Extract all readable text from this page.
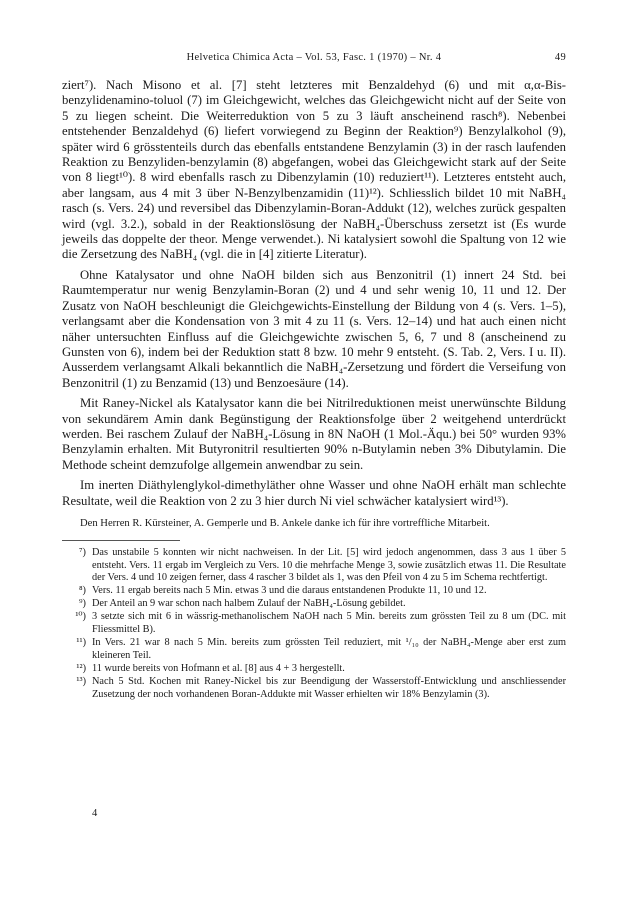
Helvetica Chimica Acta – Vol. 53, Fasc. 1 (1970) – Nr. 4	49

ziert⁷). Nach Misono et al. [7] steht letzteres mit Benzaldehyd (6) und mit α,α-Bis-benzylidenamino-toluol (7) im Gleichgewicht, welches das Gleichgewicht nicht auf der Seite von 5 zu liegen scheint. Die Weiterreduktion von 5 zu 3 läuft anscheinend rasch⁸). Nebenbei entstehender Benzaldehyd (6) liefert vorwiegend zu Beginn der Reaktion⁹) Benzylalkohol (9), später wird 6 grösstenteils durch das ebenfalls entstandene Benzylamin (3) in der rasch laufenden Reaktion zu Benzyliden-benzylamin (8) abgefangen, wobei das Gleichgewicht stark auf der Seite von 8 liegt¹⁰). 8 wird ebenfalls rasch zu Dibenzylamin (10) reduziert¹¹). Letzteres entsteht auch, aber langsam, aus 4 mit 3 über N-Benzylbenzamidin (11)¹²). Schliesslich bildet 10 mit NaBH₄ rasch (s. Vers. 24) und reversibel das Dibenzylamin-Boran-Addukt (12), welches zurück gespalten wird (vgl. 3.2.), sobald in der Reaktionslösung der NaBH₄-Überschuss zersetzt ist (Es wurde jeweils das doppelte der theor. Menge verwendet.). Ni katalysiert sowohl die Spaltung von 12 wie die Zersetzung des NaBH₄ (vgl. die in [4] zitierte Literatur).

Ohne Katalysator und ohne NaOH bilden sich aus Benzonitril (1) innert 24 Std. bei Raumtemperatur nur wenig Benzylamin-Boran (2) und 4 und sehr wenig 10, 11 und 12. Der Zusatz von NaOH beschleunigt die Gleichgewichts-Einstellung der Bildung von 4 (s. Vers. 1–5), verlangsamt aber die Kondensation von 3 mit 4 zu 11 (s. Vers. 12–14) und hat auch einen nicht näher untersuchten Einfluss auf die Gleichgewichte zwischen 5, 6, 7 und 8 (anscheinend zu Gunsten von 6), indem bei der Reduktion statt 8 bzw. 10 mehr 9 entsteht. (S. Tab. 2, Vers. I u. II). Ausserdem verlangsamt Alkali bekanntlich die NaBH₄-Zersetzung und fördert die Verseifung von Benzonitril (1) zu Benzamid (13) und Benzoesäure (14).

Mit Raney-Nickel als Katalysator kann die bei Nitrilreduktionen meist unerwünschte Bildung von sekundärem Amin dank Begünstigung der Reaktionsfolge über 2 weitgehend unterdrückt werden. Bei raschem Zulauf der NaBH₄-Lösung in 8N NaOH (1 Mol.-Äqu.) bei 50° wurden 93% Benzylamin erhalten. Mit Butyronitril resultierten 90% n-Butylamin neben 3% Dibutylamin. Die Methode scheint demzufolge allgemein anwendbar zu sein.

Im inerten Diäthylenglykol-dimethyläther ohne Wasser und ohne NaOH erhält man schlechte Resultate, weil die Reaktion von 2 zu 3 hier durch Ni viel schwächer katalysiert wird¹³).

Den Herren R. Kürsteiner, A. Gemperle und B. Ankele danke ich für ihre vortreffliche Mitarbeit.
⁷) Das unstabile 5 konnten wir nicht nachweisen. In der Lit. [5] wird jedoch angenommen, dass 3 aus 1 über 5 entsteht. Vers. 11 ergab im Vergleich zu Vers. 10 die mehrfache Menge 3, sowie zusätzlich etwas 11. Die Resultate der Vers. 4 und 10 zeigen ferner, dass 4 rascher 3 bildet als 1, was den Pfeil von 4 zu 5 im Schema rechtfertigt.
⁸) Vers. 11 ergab bereits nach 5 Min. etwas 3 und die daraus entstandenen Produkte 11, 10 und 12.
⁹) Der Anteil an 9 war schon nach halbem Zulauf der NaBH₄-Lösung gebildet.
¹⁰) 3 setzte sich mit 6 in wässrig-methanolischem NaOH nach 5 Min. bereits zum grössten Teil zu 8 um (DC. mit Fliessmittel B).
¹¹) In Vers. 21 war 8 nach 5 Min. bereits zum grössten Teil reduziert, mit ¹/₁₀ der NaBH₄-Menge aber erst zum kleineren Teil.
¹²) 11 wurde bereits von Hofmann et al. [8] aus 4 + 3 hergestellt.
¹³) Nach 5 Std. Kochen mit Raney-Nickel bis zur Beendigung der Wasserstoff-Entwicklung und anschliessender Zusetzung der noch vorhandenen Boran-Addukte mit Wasser erhielten wir 18% Benzylamin (3).
4
